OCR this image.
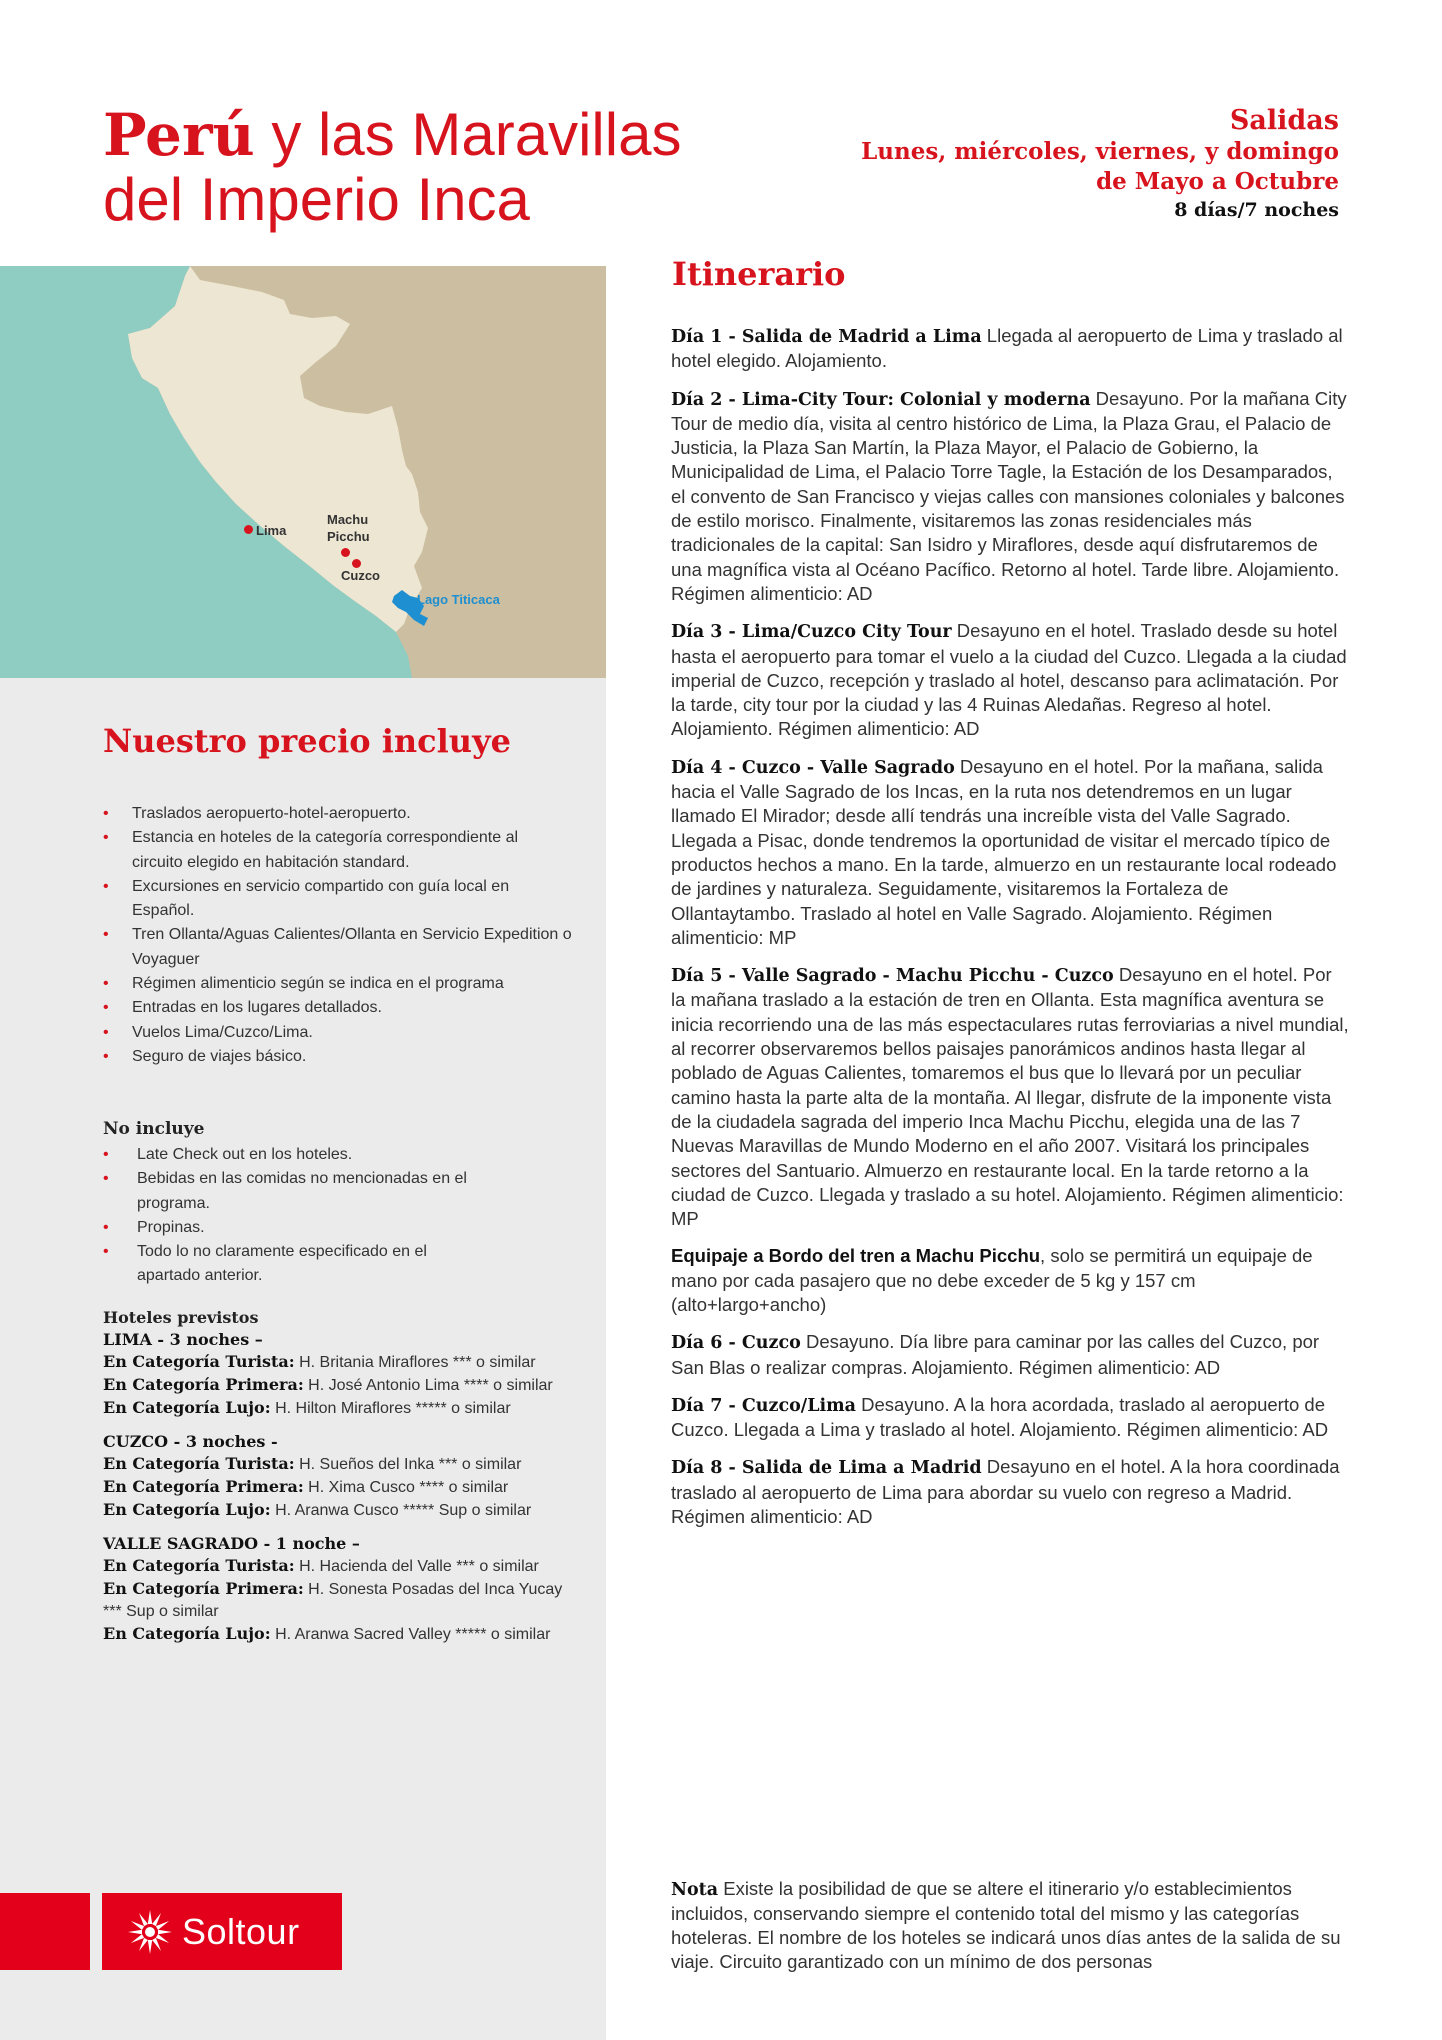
Perú y las Maravillas
del Imperio Inca
Salidas
Lunes, miércoles, viernes, y domingo
de Mayo a Octubre
8 días/7 noches
Lima
Machu
Picchu
Cuzco
Lago Titicaca
Nuestro precio incluye
• Traslados aeropuerto-hotel-aeropuerto.
• Estancia en hoteles de la categoría correspondiente al circuito elegido en habitación standard.
• Excursiones en servicio compartido con guía local en Español.
• Tren Ollanta/Aguas Calientes/Ollanta en Servicio Expedition o Voyaguer
• Régimen alimenticio según se indica en el programa
• Entradas en los lugares detallados.
• Vuelos Lima/Cuzco/Lima.
• Seguro de viajes básico.
No incluye
• Late Check out en los hoteles.
• Bebidas en las comidas no mencionadas en el programa.
• Propinas.
• Todo lo no claramente especificado en el apartado anterior.
Hoteles previstos
LIMA - 3 noches –
En Categoría Turista: H. Britania Miraflores *** o similar
En Categoría Primera: H. José Antonio Lima **** o similar
En Categoría Lujo: H. Hilton Miraflores ***** o similar
CUZCO - 3 noches -
En Categoría Turista: H. Sueños del Inka *** o similar
En Categoría Primera: H. Xima Cusco **** o similar
En Categoría Lujo: H. Aranwa Cusco ***** Sup o similar
VALLE SAGRADO - 1 noche –
En Categoría Turista: H. Hacienda del Valle *** o similar
En Categoría Primera: H. Sonesta Posadas del Inca Yucay *** Sup o similar
En Categoría Lujo: H. Aranwa Sacred Valley ***** o similar
Soltour
Itinerario

Día 1 - Salida de Madrid a Lima Llegada al aeropuerto de Lima y traslado al hotel elegido. Alojamiento.

Día 2 - Lima-City Tour: Colonial y moderna Desayuno. Por la mañana City Tour de medio día, visita al centro histórico de Lima, la Plaza Grau, el Palacio de Justicia, la Plaza San Martín, la Plaza Mayor, el Palacio de Gobierno, la Municipalidad de Lima, el Palacio Torre Tagle, la Estación de los Desamparados, el convento de San Francisco y viejas calles con mansiones coloniales y balcones de estilo morisco. Finalmente, visitaremos las zonas residenciales más tradicionales de la capital: San Isidro y Miraflores, desde aquí disfrutaremos de una magnífica vista al Océano Pacífico. Retorno al hotel. Tarde libre. Alojamiento. Régimen alimenticio: AD

Día 3 - Lima/Cuzco City Tour Desayuno en el hotel. Traslado desde su hotel hasta el aeropuerto para tomar el vuelo a la ciudad del Cuzco. Llegada a la ciudad imperial de Cuzco, recepción y traslado al hotel, descanso para aclimatación. Por la tarde, city tour por la ciudad y las 4 Ruinas Aledañas. Regreso al hotel. Alojamiento. Régimen alimenticio: AD

Día 4 - Cuzco - Valle Sagrado Desayuno en el hotel. Por la mañana, salida hacia el Valle Sagrado de los Incas, en la ruta nos detendremos en un lugar llamado El Mirador; desde allí tendrás una increíble vista del Valle Sagrado. Llegada a Pisac, donde tendremos la oportunidad de visitar el mercado típico de productos hechos a mano. En la tarde, almuerzo en un restaurante local rodeado de jardines y naturaleza. Seguidamente, visitaremos la Fortaleza de Ollantaytambo. Traslado al hotel en Valle Sagrado. Alojamiento. Régimen alimenticio: MP

Día 5 - Valle Sagrado - Machu Picchu - Cuzco Desayuno en el hotel. Por la mañana traslado a la estación de tren en Ollanta. Esta magnífica aventura se inicia recorriendo una de las más espectaculares rutas ferroviarias a nivel mundial, al recorrer observaremos bellos paisajes panorámicos andinos hasta llegar al poblado de Aguas Calientes, tomaremos el bus que lo llevará por un peculiar camino hasta la parte alta de la montaña. Al llegar, disfrute de la imponente vista de la ciudadela sagrada del imperio Inca Machu Picchu, elegida una de las 7 Nuevas Maravillas de Mundo Moderno en el año 2007. Visitará los principales sectores del Santuario. Almuerzo en restaurante local. En la tarde retorno a la ciudad de Cuzco. Llegada y traslado a su hotel. Alojamiento. Régimen alimenticio: MP

Equipaje a Bordo del tren a Machu Picchu, solo se permitirá un equipaje de mano por cada pasajero que no debe exceder de 5 kg y 157 cm (alto+largo+ancho)

Día 6 - Cuzco Desayuno. Día libre para caminar por las calles del Cuzco, por San Blas o realizar compras. Alojamiento. Régimen alimenticio: AD

Día 7 - Cuzco/Lima Desayuno. A la hora acordada, traslado al aeropuerto de Cuzco. Llegada a Lima y traslado al hotel. Alojamiento. Régimen alimenticio: AD

Día 8 - Salida de Lima a Madrid Desayuno en el hotel. A la hora coordinada traslado al aeropuerto de Lima para abordar su vuelo con regreso a Madrid. Régimen alimenticio: AD

Nota Existe la posibilidad de que se altere el itinerario y/o establecimientos incluidos, conservando siempre el contenido total del mismo y las categorías hoteleras. El nombre de los hoteles se indicará unos días antes de la salida de su viaje. Circuito garantizado con un mínimo de dos personas
